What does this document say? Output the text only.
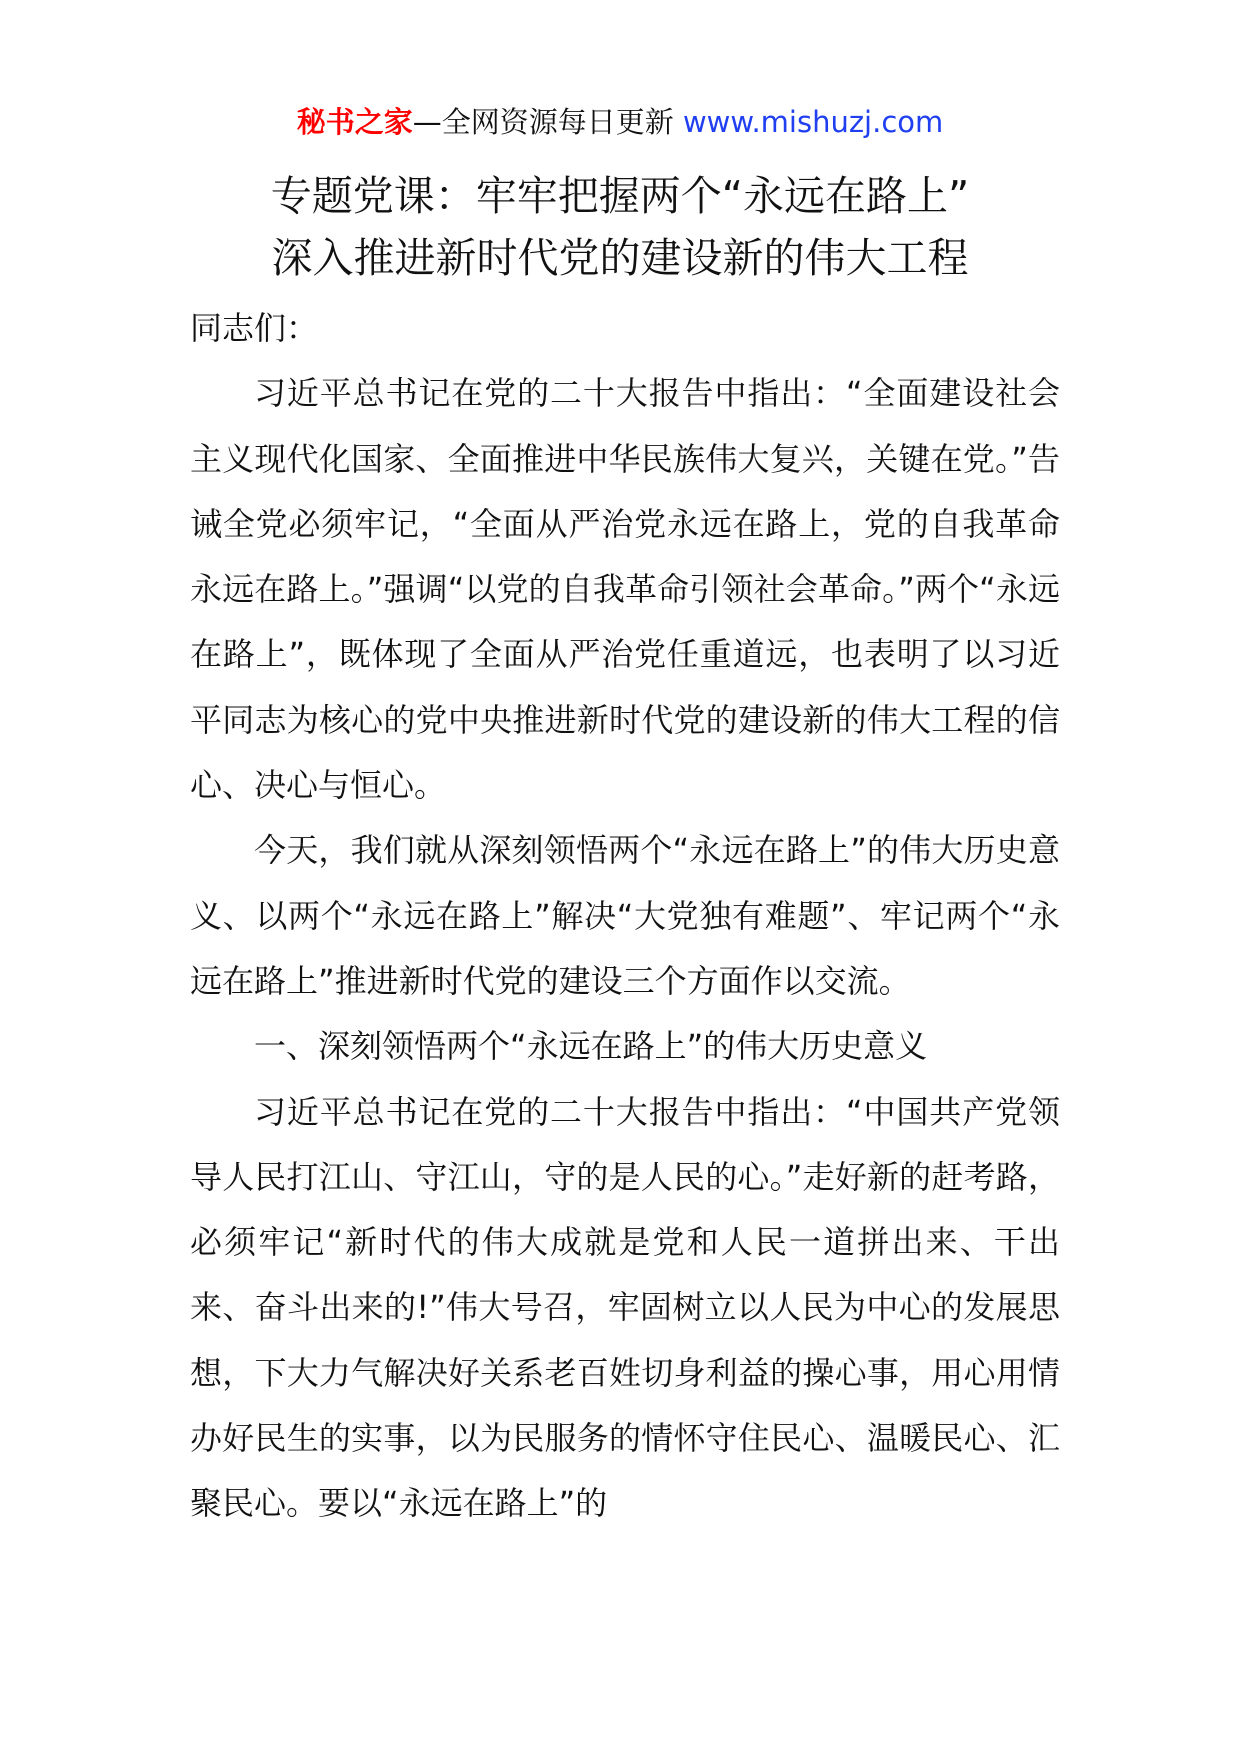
秘书之家—全网资源每日更新 www.mishuzj.com
专题党课：牢牢把握两个“永远在路上”
深入推进新时代党的建设新的伟大工程

同志们：

习近平总书记在党的二十大报告中指出：“全面建设社会主义现代化国家、全面推进中华民族伟大复兴，关键在党。”告诫全党必须牢记，“全面从严治党永远在路上，党的自我革命永远在路上。”强调“以党的自我革命引领社会革命。”两个“永远在路上”，既体现了全面从严治党任重道远，也表明了以习近平同志为核心的党中央推进新时代党的建设新的伟大工程的信心、决心与恒心。

今天，我们就从深刻领悟两个“永远在路上”的伟大历史意义、以两个“永远在路上”解决“大党独有难题”、牢记两个“永远在路上”推进新时代党的建设三个方面作以交流。

一、深刻领悟两个“永远在路上”的伟大历史意义

习近平总书记在党的二十大报告中指出：“中国共产党领导人民打江山、守江山，守的是人民的心。”走好新的赶考路，必须牢记“新时代的伟大成就是党和人民一道拼出来、干出来、奋斗出来的!”伟大号召，牢固树立以人民为中心的发展思想，下大力气解决好关系老百姓切身利益的操心事，用心用情办好民生的实事，以为民服务的情怀守住民心、温暖民心、汇聚民心。要以“永远在路上”的
